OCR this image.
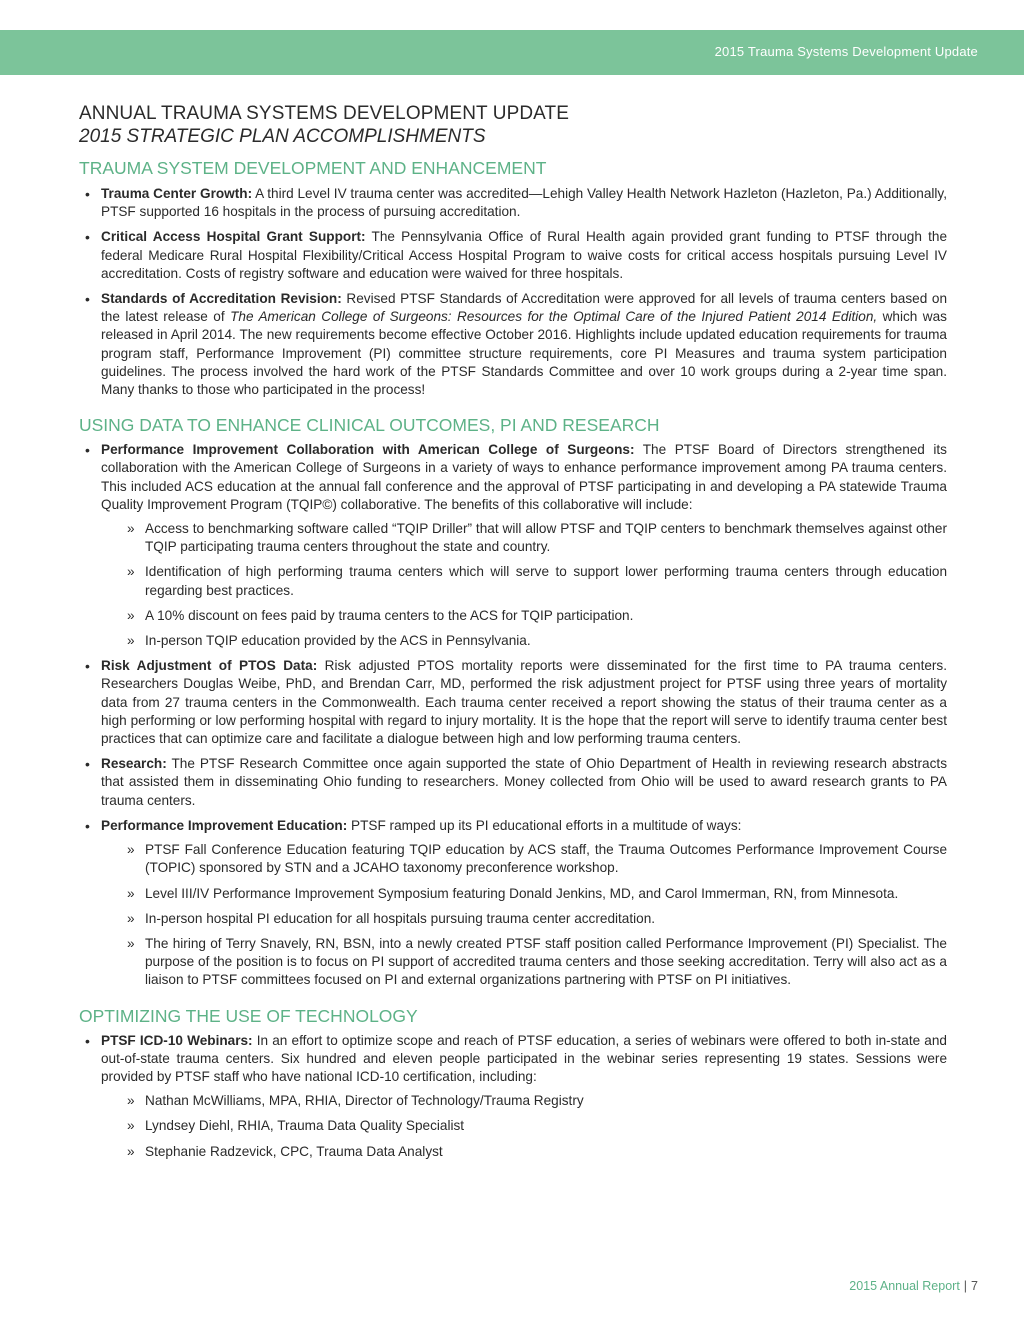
2015 Trauma Systems Development Update
ANNUAL TRAUMA SYSTEMS DEVELOPMENT UPDATE
2015 STRATEGIC PLAN ACCOMPLISHMENTS
TRAUMA SYSTEM DEVELOPMENT AND ENHANCEMENT
• Trauma Center Growth: A third Level IV trauma center was accredited—Lehigh Valley Health Network Hazleton (Hazleton, Pa.) Additionally, PTSF supported 16 hospitals in the process of pursuing accreditation.
• Critical Access Hospital Grant Support: The Pennsylvania Office of Rural Health again provided grant funding to PTSF through the federal Medicare Rural Hospital Flexibility/Critical Access Hospital Program to waive costs for critical access hospitals pursuing Level IV accreditation. Costs of registry software and education were waived for three hospitals.
• Standards of Accreditation Revision: Revised PTSF Standards of Accreditation were approved for all levels of trauma centers based on the latest release of The American College of Surgeons: Resources for the Optimal Care of the Injured Patient 2014 Edition, which was released in April 2014. The new requirements become effective October 2016. Highlights include updated education requirements for trauma program staff, Performance Improvement (PI) committee structure requirements, core PI Measures and trauma system participation guidelines. The process involved the hard work of the PTSF Standards Committee and over 10 work groups during a 2-year time span. Many thanks to those who participated in the process!
USING DATA TO ENHANCE CLINICAL OUTCOMES, PI AND RESEARCH
• Performance Improvement Collaboration with American College of Surgeons: The PTSF Board of Directors strengthened its collaboration with the American College of Surgeons in a variety of ways to enhance performance improvement among PA trauma centers. This included ACS education at the annual fall conference and the approval of PTSF participating in and developing a PA statewide Trauma Quality Improvement Program (TQIP©) collaborative. The benefits of this collaborative will include:
» Access to benchmarking software called “TQIP Driller” that will allow PTSF and TQIP centers to benchmark themselves against other TQIP participating trauma centers throughout the state and country.
» Identification of high performing trauma centers which will serve to support lower performing trauma centers through education regarding best practices.
» A 10% discount on fees paid by trauma centers to the ACS for TQIP participation.
» In-person TQIP education provided by the ACS in Pennsylvania.
• Risk Adjustment of PTOS Data: Risk adjusted PTOS mortality reports were disseminated for the first time to PA trauma centers. Researchers Douglas Weibe, PhD, and Brendan Carr, MD, performed the risk adjustment project for PTSF using three years of mortality data from 27 trauma centers in the Commonwealth. Each trauma center received a report showing the status of their trauma center as a high performing or low performing hospital with regard to injury mortality. It is the hope that the report will serve to identify trauma center best practices that can optimize care and facilitate a dialogue between high and low performing trauma centers.
• Research: The PTSF Research Committee once again supported the state of Ohio Department of Health in reviewing research abstracts that assisted them in disseminating Ohio funding to researchers. Money collected from Ohio will be used to award research grants to PA trauma centers.
• Performance Improvement Education: PTSF ramped up its PI educational efforts in a multitude of ways:
» PTSF Fall Conference Education featuring TQIP education by ACS staff, the Trauma Outcomes Performance Improvement Course (TOPIC) sponsored by STN and a JCAHO taxonomy preconference workshop.
» Level III/IV Performance Improvement Symposium featuring Donald Jenkins, MD, and Carol Immerman, RN, from Minnesota.
» In-person hospital PI education for all hospitals pursuing trauma center accreditation.
» The hiring of Terry Snavely, RN, BSN, into a newly created PTSF staff position called Performance Improvement (PI) Specialist. The purpose of the position is to focus on PI support of accredited trauma centers and those seeking accreditation. Terry will also act as a liaison to PTSF committees focused on PI and external organizations partnering with PTSF on PI initiatives.
OPTIMIZING THE USE OF TECHNOLOGY
• PTSF ICD-10 Webinars: In an effort to optimize scope and reach of PTSF education, a series of webinars were offered to both in-state and out-of-state trauma centers. Six hundred and eleven people participated in the webinar series representing 19 states. Sessions were provided by PTSF staff who have national ICD-10 certification, including:
» Nathan McWilliams, MPA, RHIA, Director of Technology/Trauma Registry
» Lyndsey Diehl, RHIA, Trauma Data Quality Specialist
» Stephanie Radzevick, CPC, Trauma Data Analyst
2015 Annual Report | 7
